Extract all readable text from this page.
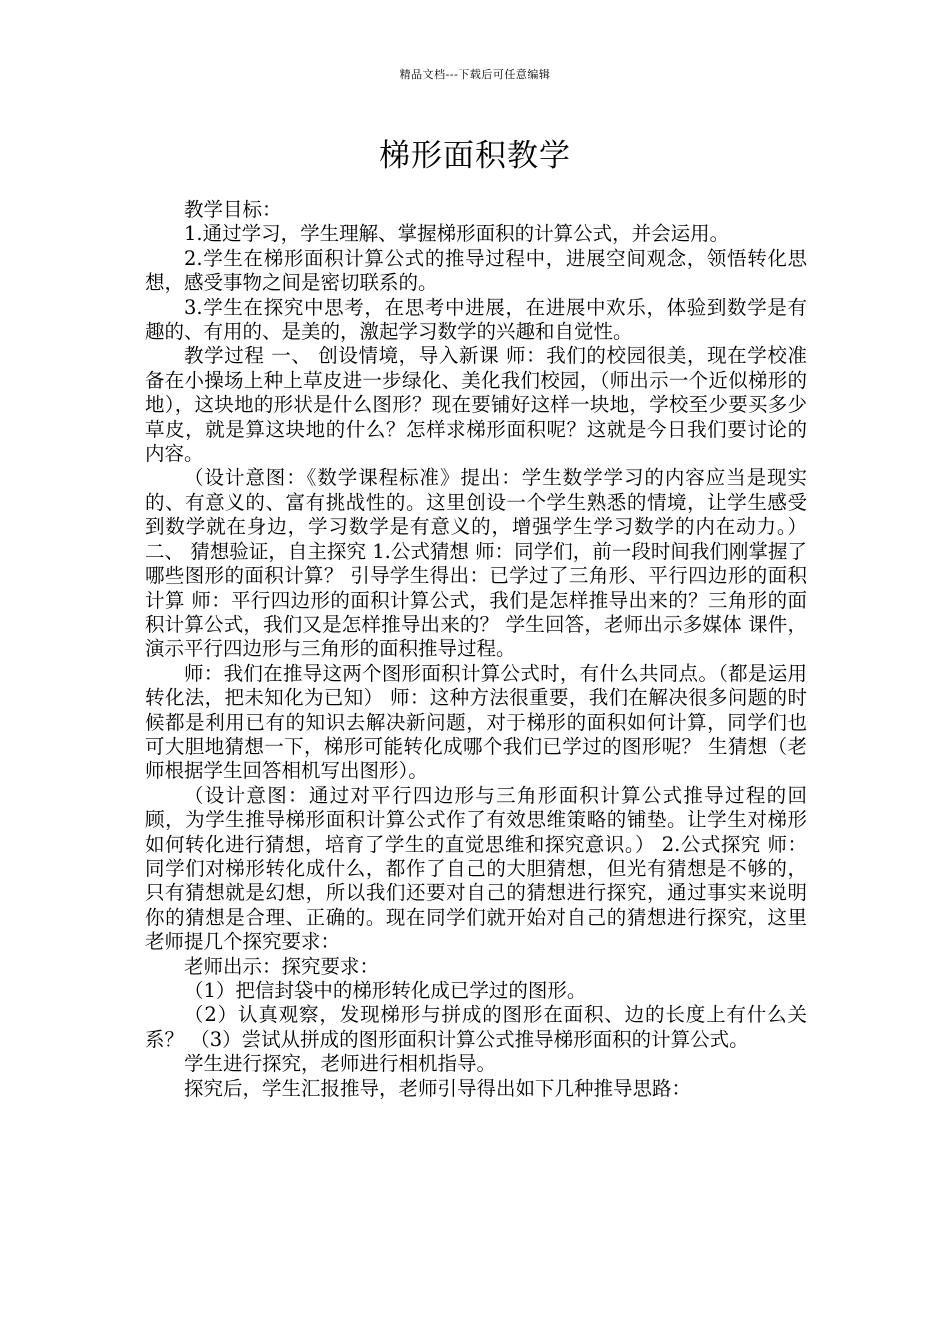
精品文档---下载后可任意编辑
梯形面积教学

教学目标：

1.通过学习，学生理解、掌握梯形面积的计算公式，并会运用。

2.学生在梯形面积计算公式的推导过程中，进展空间观念，领悟转化思想，感受事物之间是密切联系的。

3.学生在探究中思考，在思考中进展，在进展中欢乐，体验到数学是有趣的、有用的、是美的，激起学习数学的兴趣和自觉性。

教学过程 一、 创设情境，导入新课 师：我们的校园很美，现在学校准备在小操场上种上草皮进一步绿化、美化我们校园，（师出示一个近似梯形的地），这块地的形状是什么图形？现在要铺好这样一块地，学校至少要买多少草皮，就是算这块地的什么？怎样求梯形面积呢？这就是今日我们要讨论的内容。

（设计意图：《数学课程标准》提出：学生数学学习的内容应当是现实的、有意义的、富有挑战性的。这里创设一个学生熟悉的情境，让学生感受到数学就在身边，学习数学是有意义的，增强学生学习数学的内在动力。） 二、 猜想验证，自主探究 1.公式猜想 师：同学们，前一段时间我们刚掌握了哪些图形的面积计算？ 引导学生得出：已学过了三角形、平行四边形的面积计算 师：平行四边形的面积计算公式，我们是怎样推导出来的？三角形的面积计算公式，我们又是怎样推导出来的？ 学生回答，老师出示多媒体 课件，演示平行四边形与三角形的面积推导过程。

师：我们在推导这两个图形面积计算公式时，有什么共同点。（都是运用转化法，把未知化为已知） 师：这种方法很重要，我们在解决很多问题的时候都是利用已有的知识去解决新问题，对于梯形的面积如何计算，同学们也可大胆地猜想一下，梯形可能转化成哪个我们已学过的图形呢？ 生猜想（老师根据学生回答相机写出图形）。

（设计意图：通过对平行四边形与三角形面积计算公式推导过程的回顾，为学生推导梯形面积计算公式作了有效思维策略的铺垫。让学生对梯形如何转化进行猜想，培育了学生的直觉思维和探究意识。） 2.公式探究 师：同学们对梯形转化成什么，都作了自己的大胆猜想，但光有猜想是不够的，只有猜想就是幻想，所以我们还要对自己的猜想进行探究，通过事实来说明你的猜想是合理、正确的。现在同学们就开始对自己的猜想进行探究，这里老师提几个探究要求：

老师出示：探究要求：

（1）把信封袋中的梯形转化成已学过的图形。

（2）认真观察，发现梯形与拼成的图形在面积、边的长度上有什么关系？ （3）尝试从拼成的图形面积计算公式推导梯形面积的计算公式。

学生进行探究，老师进行相机指导。

探究后，学生汇报推导，老师引导得出如下几种推导思路：
